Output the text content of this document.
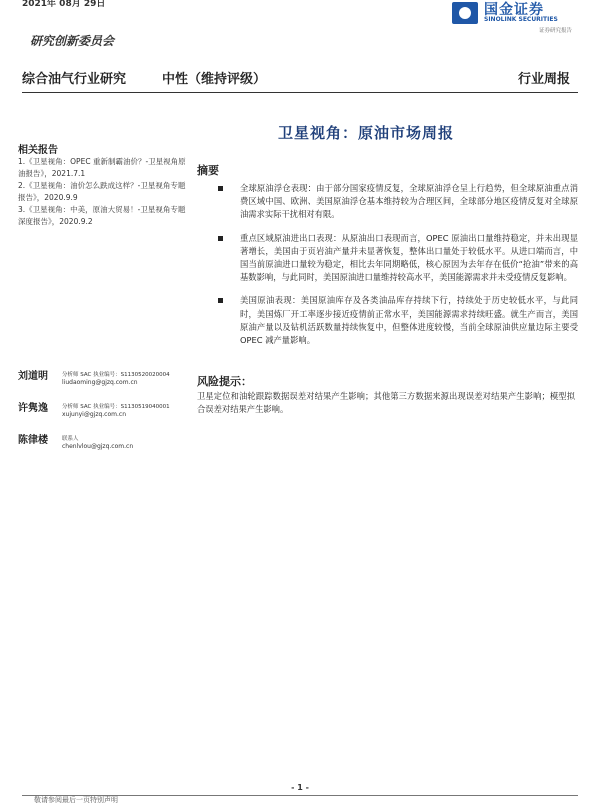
2021年 08月 29日
研究创新委员会
国金证券
SINOLINK SECURITIES
证券研究报告
综合油气行业研究	中性（维持评级）	行业周报
卫星视角：原油市场周报
相关报告
1.《卫星视角：OPEC 重新制霸油价？-卫星视角原油报告》，2021.7.1
2.《卫星视角：油价怎么跌成这样？-卫星视角专题报告》，2020.9.9
3.《卫星视角：中美，原油大贸易！-卫星视角专题深度报告》，2020.9.2
摘要
全球原油浮仓表现：由于部分国家疫情反复，全球原油浮仓呈上行趋势，但全球原油重点消费区域中国、欧洲、美国原油浮仓基本维持较为合理区间，全球部分地区疫情反复对全球原油需求实际干扰相对有限。
重点区域原油进出口表现：从原油出口表现而言，OPEC 原油出口量维持稳定，并未出现显著增长，美国由于页岩油产量并未显著恢复，整体出口量处于较低水平。从进口端而言，中国当前原油进口量较为稳定，相比去年同期略低，核心原因为去年存在低价“抢油”带来的高基数影响，与此同时，美国原油进口量维持较高水平，美国能源需求并未受疫情反复影响。
美国原油表现：美国原油库存及各类油品库存持续下行，持续处于历史较低水平，与此同时，美国炼厂开工率逐步接近疫情前正常水平，美国能源需求持续旺盛。就生产而言，美国原油产量以及钻机活跃数量持续恢复中，但整体进度较慢，当前全球原油供应量边际主要受 OPEC 减产量影响。
刘道明	分析师 SAC 执业编号：S1130520020004
liudaoming@gjzq.com.cn
许隽逸	分析师 SAC 执业编号：S1130519040001
xujunyi@gjzq.com.cn
陈律楼	联系人
chenlvlou@gjzq.com.cn
风险提示：
卫星定位和油轮跟踪数据误差对结果产生影响；其他第三方数据来源出现误差对结果产生影响；模型拟合误差对结果产生影响。
- 1 -
敬请参阅最后一页特别声明
